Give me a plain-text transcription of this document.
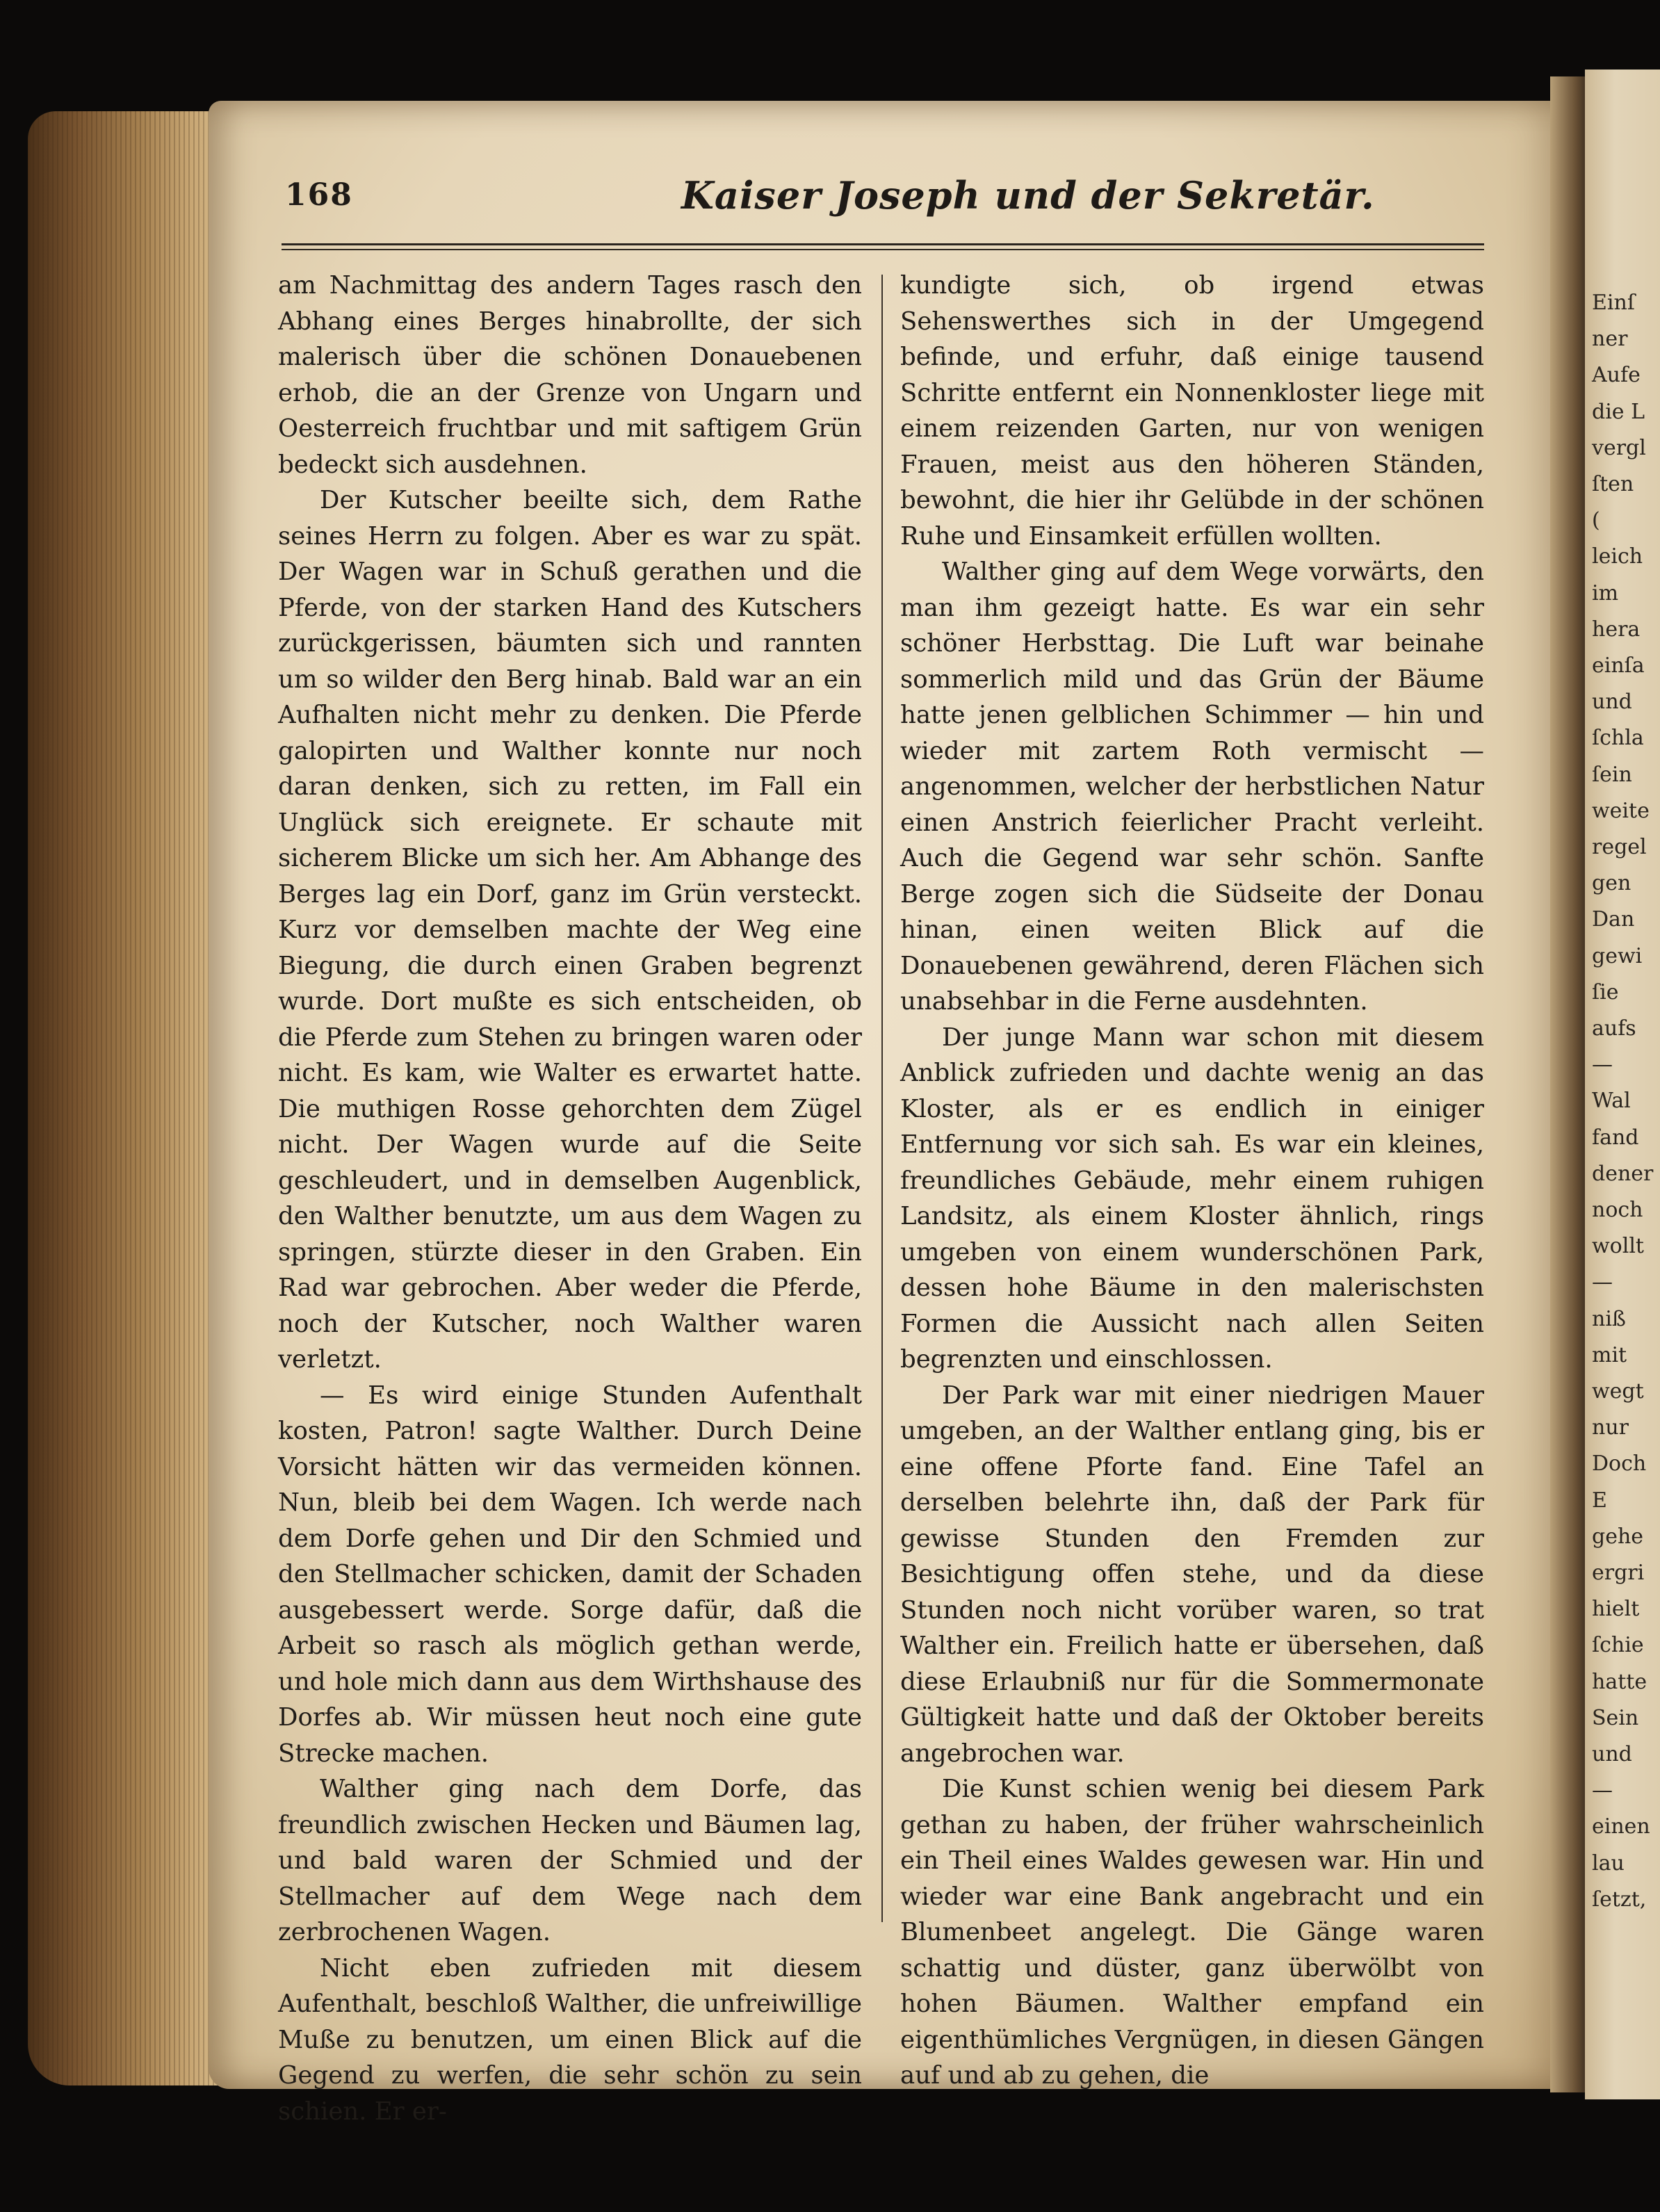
Einſ
ner
Aufe
die L
vergl
ſten
(
leich
im
hera
einſa
und
ſchla
ſein
weite
regel
gen
Dan
gewi
ſie
aufs
—
Wal
fand
dener
noch
wollt
—
niß
mit
wegt
nur
Doch
E
gehe
ergri
hielt
ſchie
hatte
Sein
und
—
einen
lau
ſetzt,
168	Kaiser Joseph und der Sekretär.

am Nachmittag des andern Tages rasch den Abhang eines Berges hinabrollte, der sich malerisch über die schönen Donauebenen erhob, die an der Grenze von Ungarn und Oesterreich fruchtbar und mit saftigem Grün bedeckt sich ausdehnen.

Der Kutscher beeilte sich, dem Rathe seines Herrn zu folgen. Aber es war zu spät. Der Wagen war in Schuß gerathen und die Pferde, von der starken Hand des Kutschers zurückgerissen, bäumten sich und rannten um so wilder den Berg hinab. Bald war an ein Aufhalten nicht mehr zu denken. Die Pferde galopirten und Walther konnte nur noch daran denken, sich zu retten, im Fall ein Unglück sich ereignete. Er schaute mit sicherem Blicke um sich her. Am Abhange des Berges lag ein Dorf, ganz im Grün versteckt. Kurz vor demselben machte der Weg eine Biegung, die durch einen Graben begrenzt wurde. Dort mußte es sich entscheiden, ob die Pferde zum Stehen zu bringen waren oder nicht. Es kam, wie Walter es erwartet hatte. Die muthigen Rosse gehorchten dem Zügel nicht. Der Wagen wurde auf die Seite geschleudert, und in demselben Augenblick, den Walther benutzte, um aus dem Wagen zu springen, stürzte dieser in den Graben. Ein Rad war gebrochen. Aber weder die Pferde, noch der Kutscher, noch Walther waren verletzt.

— Es wird einige Stunden Aufenthalt kosten, Patron! sagte Walther. Durch Deine Vorsicht hätten wir das vermeiden können. Nun, bleib bei dem Wagen. Ich werde nach dem Dorfe gehen und Dir den Schmied und den Stellmacher schicken, damit der Schaden ausgebessert werde. Sorge dafür, daß die Arbeit so rasch als möglich gethan werde, und hole mich dann aus dem Wirthshause des Dorfes ab. Wir müssen heut noch eine gute Strecke machen.

Walther ging nach dem Dorfe, das freundlich zwischen Hecken und Bäumen lag, und bald waren der Schmied und der Stellmacher auf dem Wege nach dem zerbrochenen Wagen.

Nicht eben zufrieden mit diesem Aufenthalt, beschloß Walther, die unfreiwillige Muße zu benutzen, um einen Blick auf die Gegend zu werfen, die sehr schön zu sein schien. Er er-

kundigte sich, ob irgend etwas Sehenswerthes sich in der Umgegend befinde, und erfuhr, daß einige tausend Schritte entfernt ein Nonnenkloster liege mit einem reizenden Garten, nur von wenigen Frauen, meist aus den höheren Ständen, bewohnt, die hier ihr Gelübde in der schönen Ruhe und Einsamkeit erfüllen wollten.

Walther ging auf dem Wege vorwärts, den man ihm gezeigt hatte. Es war ein sehr schöner Herbsttag. Die Luft war beinahe sommerlich mild und das Grün der Bäume hatte jenen gelblichen Schimmer — hin und wieder mit zartem Roth vermischt — angenommen, welcher der herbstlichen Natur einen Anstrich feierlicher Pracht verleiht. Auch die Gegend war sehr schön. Sanfte Berge zogen sich die Südseite der Donau hinan, einen weiten Blick auf die Donauebenen gewährend, deren Flächen sich unabsehbar in die Ferne ausdehnten.

Der junge Mann war schon mit diesem Anblick zufrieden und dachte wenig an das Kloster, als er es endlich in einiger Entfernung vor sich sah. Es war ein kleines, freundliches Gebäude, mehr einem ruhigen Landsitz, als einem Kloster ähnlich, rings umgeben von einem wunderschönen Park, dessen hohe Bäume in den malerischsten Formen die Aussicht nach allen Seiten begrenzten und einschlossen.

Der Park war mit einer niedrigen Mauer umgeben, an der Walther entlang ging, bis er eine offene Pforte fand. Eine Tafel an derselben belehrte ihn, daß der Park für gewisse Stunden den Fremden zur Besichtigung offen stehe, und da diese Stunden noch nicht vorüber waren, so trat Walther ein. Freilich hatte er übersehen, daß diese Erlaubniß nur für die Sommermonate Gültigkeit hatte und daß der Oktober bereits angebrochen war.

Die Kunst schien wenig bei diesem Park gethan zu haben, der früher wahrscheinlich ein Theil eines Waldes gewesen war. Hin und wieder war eine Bank angebracht und ein Blumenbeet angelegt. Die Gänge waren schattig und düster, ganz überwölbt von hohen Bäumen. Walther empfand ein eigenthümliches Vergnügen, in diesen Gängen auf und ab zu gehen, die
